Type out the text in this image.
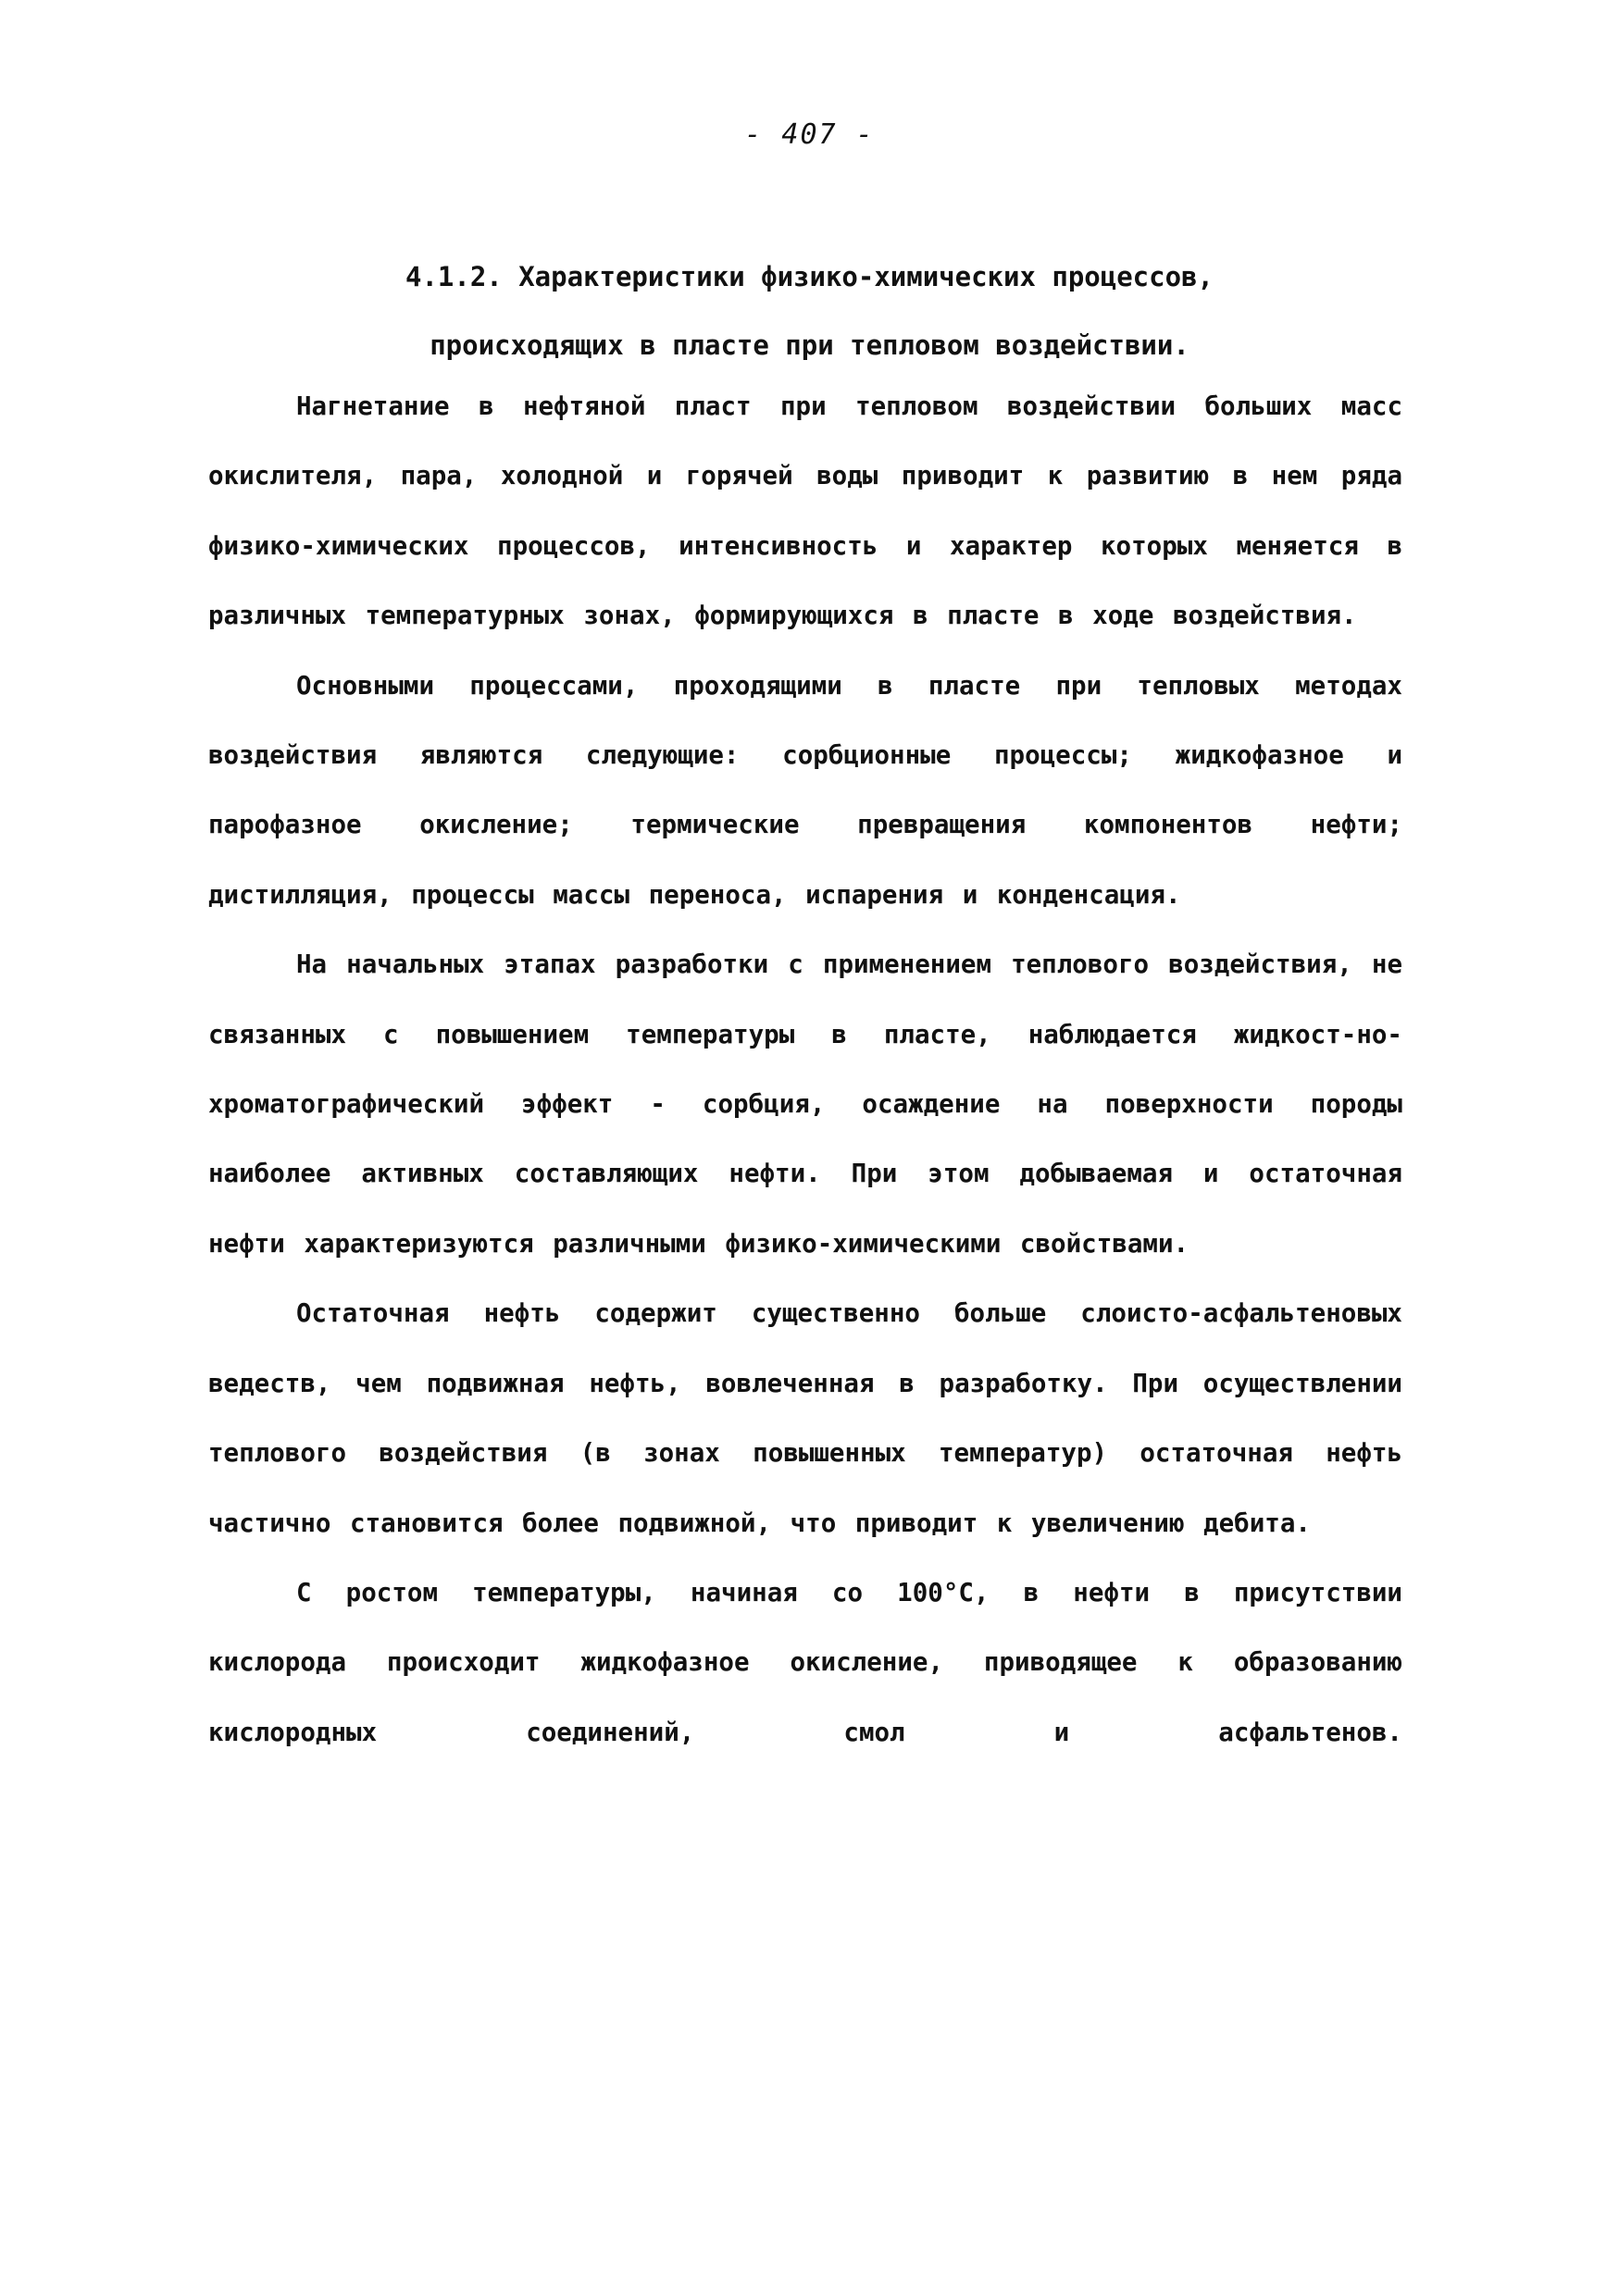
- 407 -
4.1.2. Характеристики физико-химических процессов,
происходящих в пласте при тепловом воздействии.

Нагнетание в нефтяной пласт при тепловом воздействии больших масс окислителя, пара, холодной и горячей воды приводит к развитию в нем ряда физико-химических процессов, интенсивность и характер которых меняется в различных температурных зонах, формирующихся в пласте в ходе воздействия.

Основными процессами, проходящими в пласте при тепловых методах воздействия являются следующие: сорбционные процессы; жидкофазное и парофазное окисление; термические превращения компонентов нефти; дистилляция, процессы массы переноса, испарения и конденсация.

На начальных этапах разработки с применением теплового воздействия, не связанных с повышением температуры в пласте, наблюдается жидкост-но-хроматографический эффект - сорбция, осаждение на поверхности породы наиболее активных составляющих нефти. При этом добываемая и остаточная нефти характеризуются различными физико-химическими свойствами.

Остаточная нефть содержит существенно больше слоисто-асфальтеновых ведеств, чем подвижная нефть, вовлеченная в разработку. При осуществлении теплового воздействия (в зонах повышенных температур) остаточная нефть частично становится более подвижной, что приводит к увеличению дебита.

С ростом температуры, начиная со 100°С, в нефти в присутствии кислорода происходит жидкофазное окисление, приводящее к образованию кислородных соединений, смол и асфальтенов.
